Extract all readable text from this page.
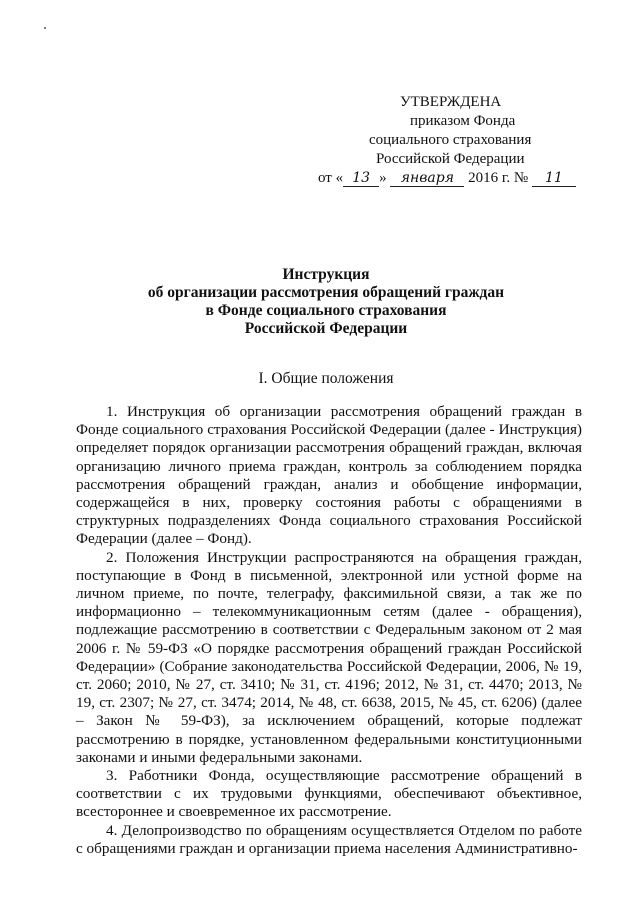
УТВЕРЖДЕНА
приказом Фонда
социального страхования
Российской Федерации
от « 13 » января 2016 г. № 11
Инструкция
об организации рассмотрения обращений граждан
в Фонде социального страхования
Российской Федерации
I. Общие положения

1. Инструкция об организации рассмотрения обращений граждан в Фонде социального страхования Российской Федерации (далее - Инструкция) определяет порядок организации рассмотрения обращений граждан, включая организацию личного приема граждан, контроль за соблюдением порядка рассмотрения обращений граждан, анализ и обобщение информации, содержащейся в них, проверку состояния работы с обращениями в структурных подразделениях Фонда социального страхования Российской Федерации (далее – Фонд).

2. Положения Инструкции распространяются на обращения граждан, поступающие в Фонд в письменной, электронной или устной форме на личном приеме, по почте, телеграфу, факсимильной связи, а так же по информационно – телекоммуникационным сетям (далее - обращения), подлежащие рассмотрению в соответствии с Федеральным законом от 2 мая 2006 г. № 59-ФЗ «О порядке рассмотрения обращений граждан Российской Федерации» (Собрание законодательства Российской Федерации, 2006, № 19, ст. 2060; 2010, № 27, ст. 3410; № 31, ст. 4196; 2012, № 31, ст. 4470; 2013, № 19, ст. 2307; № 27, ст. 3474; 2014, № 48, ст. 6638, 2015, № 45, ст. 6206) (далее – Закон № 59-ФЗ), за исключением обращений, которые подлежат рассмотрению в порядке, установленном федеральными конституционными законами и иными федеральными законами.

3. Работники Фонда, осуществляющие рассмотрение обращений в соответствии с их трудовыми функциями, обеспечивают объективное, всестороннее и своевременное их рассмотрение.

4. Делопроизводство по обращениям осуществляется Отделом по работе с обращениями граждан и организации приема населения Административно-
